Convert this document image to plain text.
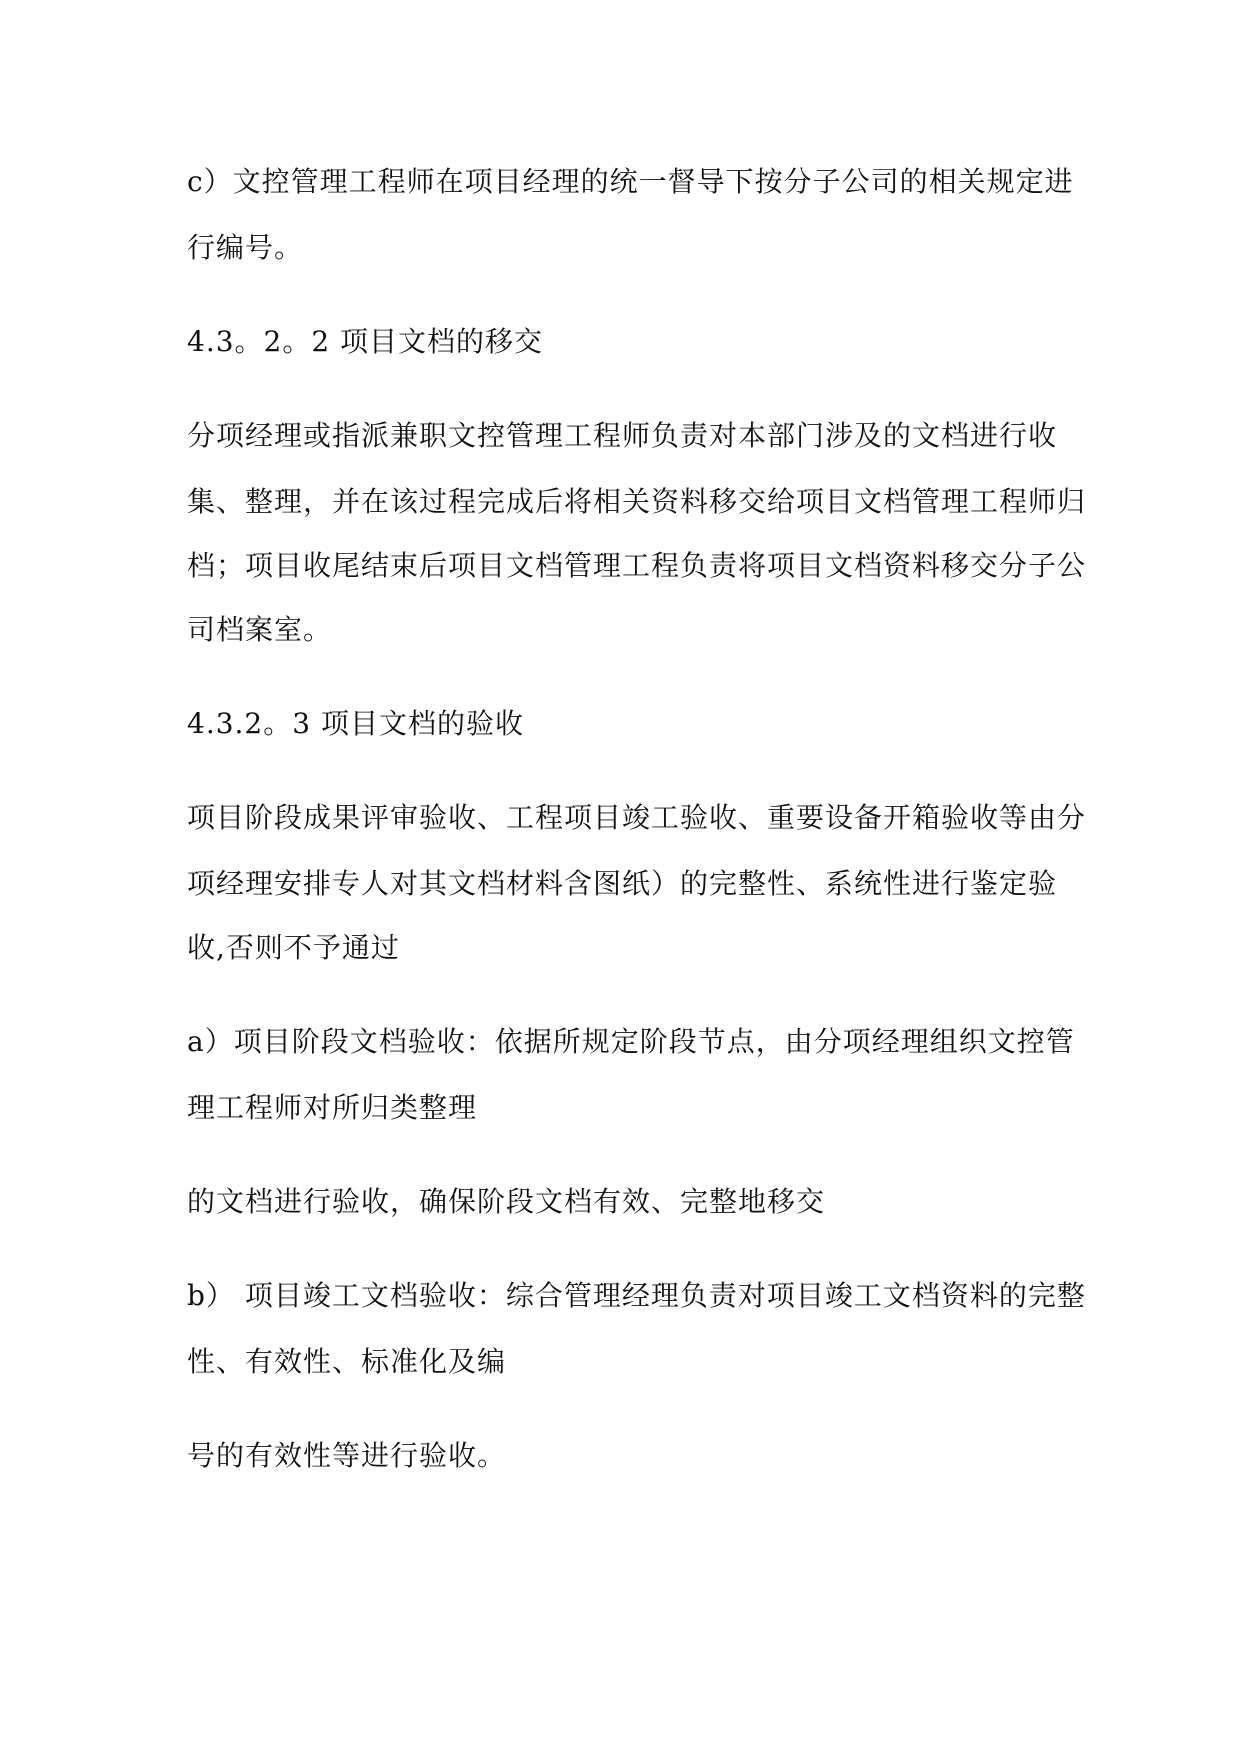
c）文控管理工程师在项目经理的统一督导下按分子公司的相关规定进
行编号。
4.3。2。2 项目文档的移交
分项经理或指派兼职文控管理工程师负责对本部门涉及的文档进行收
集、整理，并在该过程完成后将相关资料移交给项目文档管理工程师归
档；项目收尾结束后项目文档管理工程负责将项目文档资料移交分子公
司档案室。
4.3.2。3 项目文档的验收
项目阶段成果评审验收、工程项目竣工验收、重要设备开箱验收等由分
项经理安排专人对其文档材料含图纸）的完整性、系统性进行鉴定验
收,否则不予通过
a）项目阶段文档验收：依据所规定阶段节点，由分项经理组织文控管
理工程师对所归类整理
的文档进行验收，确保阶段文档有效、完整地移交
b） 项目竣工文档验收：综合管理经理负责对项目竣工文档资料的完整
性、有效性、标准化及编
号的有效性等进行验收。
